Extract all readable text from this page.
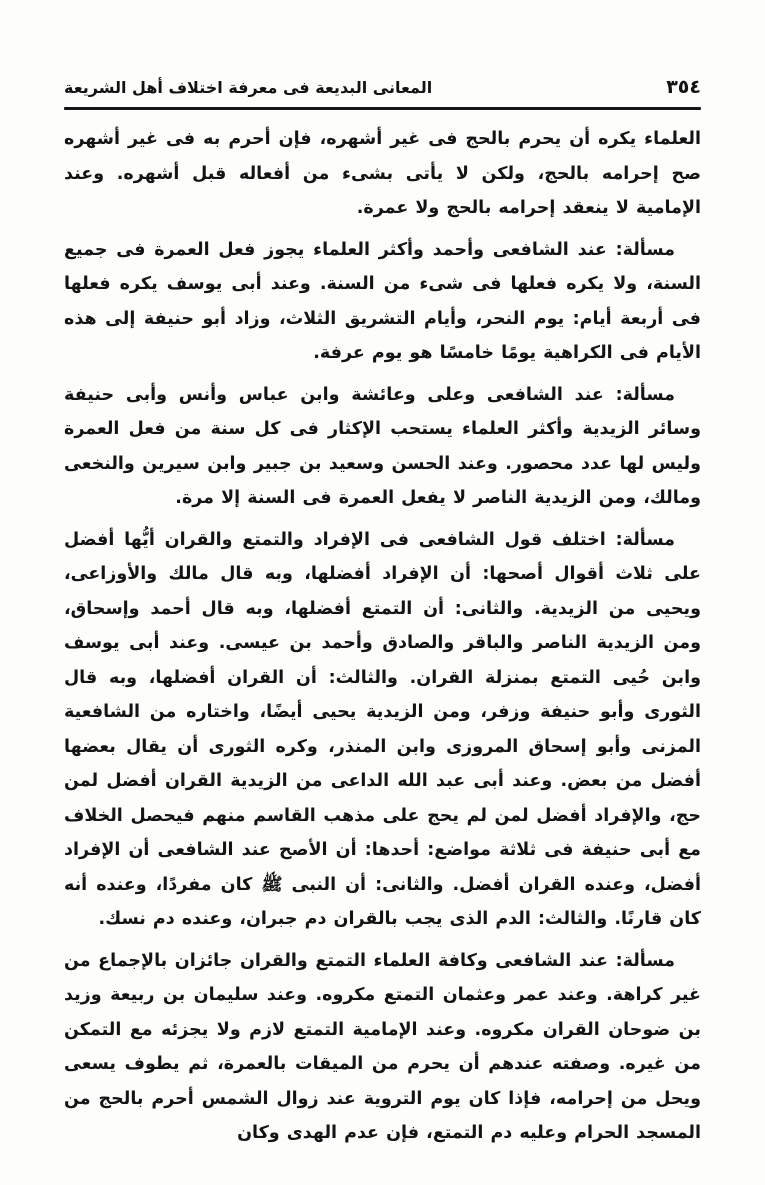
٣٥٤
المعانى البديعة فى معرفة اختلاف أهل الشريعة

العلماء يكره أن يحرم بالحج فى غير أشهره، فإن أحرم به فى غير أشهره صح إحرامه بالحج، ولكن لا يأتى بشىء من أفعاله قبل أشهره. وعند الإمامية لا ينعقد إحرامه بالحج ولا عمرة.

مسألة: عند الشافعى وأحمد وأكثر العلماء يجوز فعل العمرة فى جميع السنة، ولا يكره فعلها فى شىء من السنة. وعند أبى يوسف يكره فعلها فى أربعة أيام: يوم النحر، وأيام التشريق الثلاث، وزاد أبو حنيفة إلى هذه الأيام فى الكراهية يومًا خامسًا هو يوم عرفة.

مسألة: عند الشافعى وعلى وعائشة وابن عباس وأنس وأبى حنيفة وسائر الزيدية وأكثر العلماء يستحب الإكثار فى كل سنة من فعل العمرة وليس لها عدد محصور. وعند الحسن وسعيد بن جبير وابن سيرين والنخعى ومالك، ومن الزيدية الناصر لا يفعل العمرة فى السنة إلا مرة.

مسألة: اختلف قول الشافعى فى الإفراد والتمتع والقران أيُّها أفضل على ثلاث أقوال أصحها: أن الإفراد أفضلها، وبه قال مالك والأوزاعى، ويحيى من الزيدية. والثانى: أن التمتع أفضلها، وبه قال أحمد وإسحاق، ومن الزيدية الناصر والباقر والصادق وأحمد بن عيسى. وعند أبى يوسف وابن حُيى التمتع بمنزلة القران. والثالث: أن القران أفضلها، وبه قال الثورى وأبو حنيفة وزفر، ومن الزيدية يحيى أيضًا، واختاره من الشافعية المزنى وأبو إسحاق المروزى وابن المنذر، وكره الثورى أن يقال بعضها أفضل من بعض. وعند أبى عبد الله الداعى من الزيدية القران أفضل لمن حج، والإفراد أفضل لمن لم يحج على مذهب القاسم منهم فيحصل الخلاف مع أبى حنيفة فى ثلاثة مواضع: أحدها: أن الأصح عند الشافعى أن الإفراد أفضل، وعنده القران أفضل. والثانى: أن النبى ﷺ كان مفردًا، وعنده أنه كان قارنًا. والثالث: الدم الذى يجب بالقران دم جبران، وعنده دم نسك.

مسألة: عند الشافعى وكافة العلماء التمتع والقران جائزان بالإجماع من غير كراهة. وعند عمر وعثمان التمتع مكروه. وعند سليمان بن ربيعة وزيد بن ضوحان القران مكروه. وعند الإمامية التمتع لازم ولا يجزئه مع التمكن من غيره. وصفته عندهم أن يحرم من الميقات بالعمرة، ثم يطوف يسعى ويحل من إحرامه، فإذا كان يوم التروية عند زوال الشمس أحرم بالحج من المسجد الحرام وعليه دم التمتع، فإن عدم الهدى وكان
